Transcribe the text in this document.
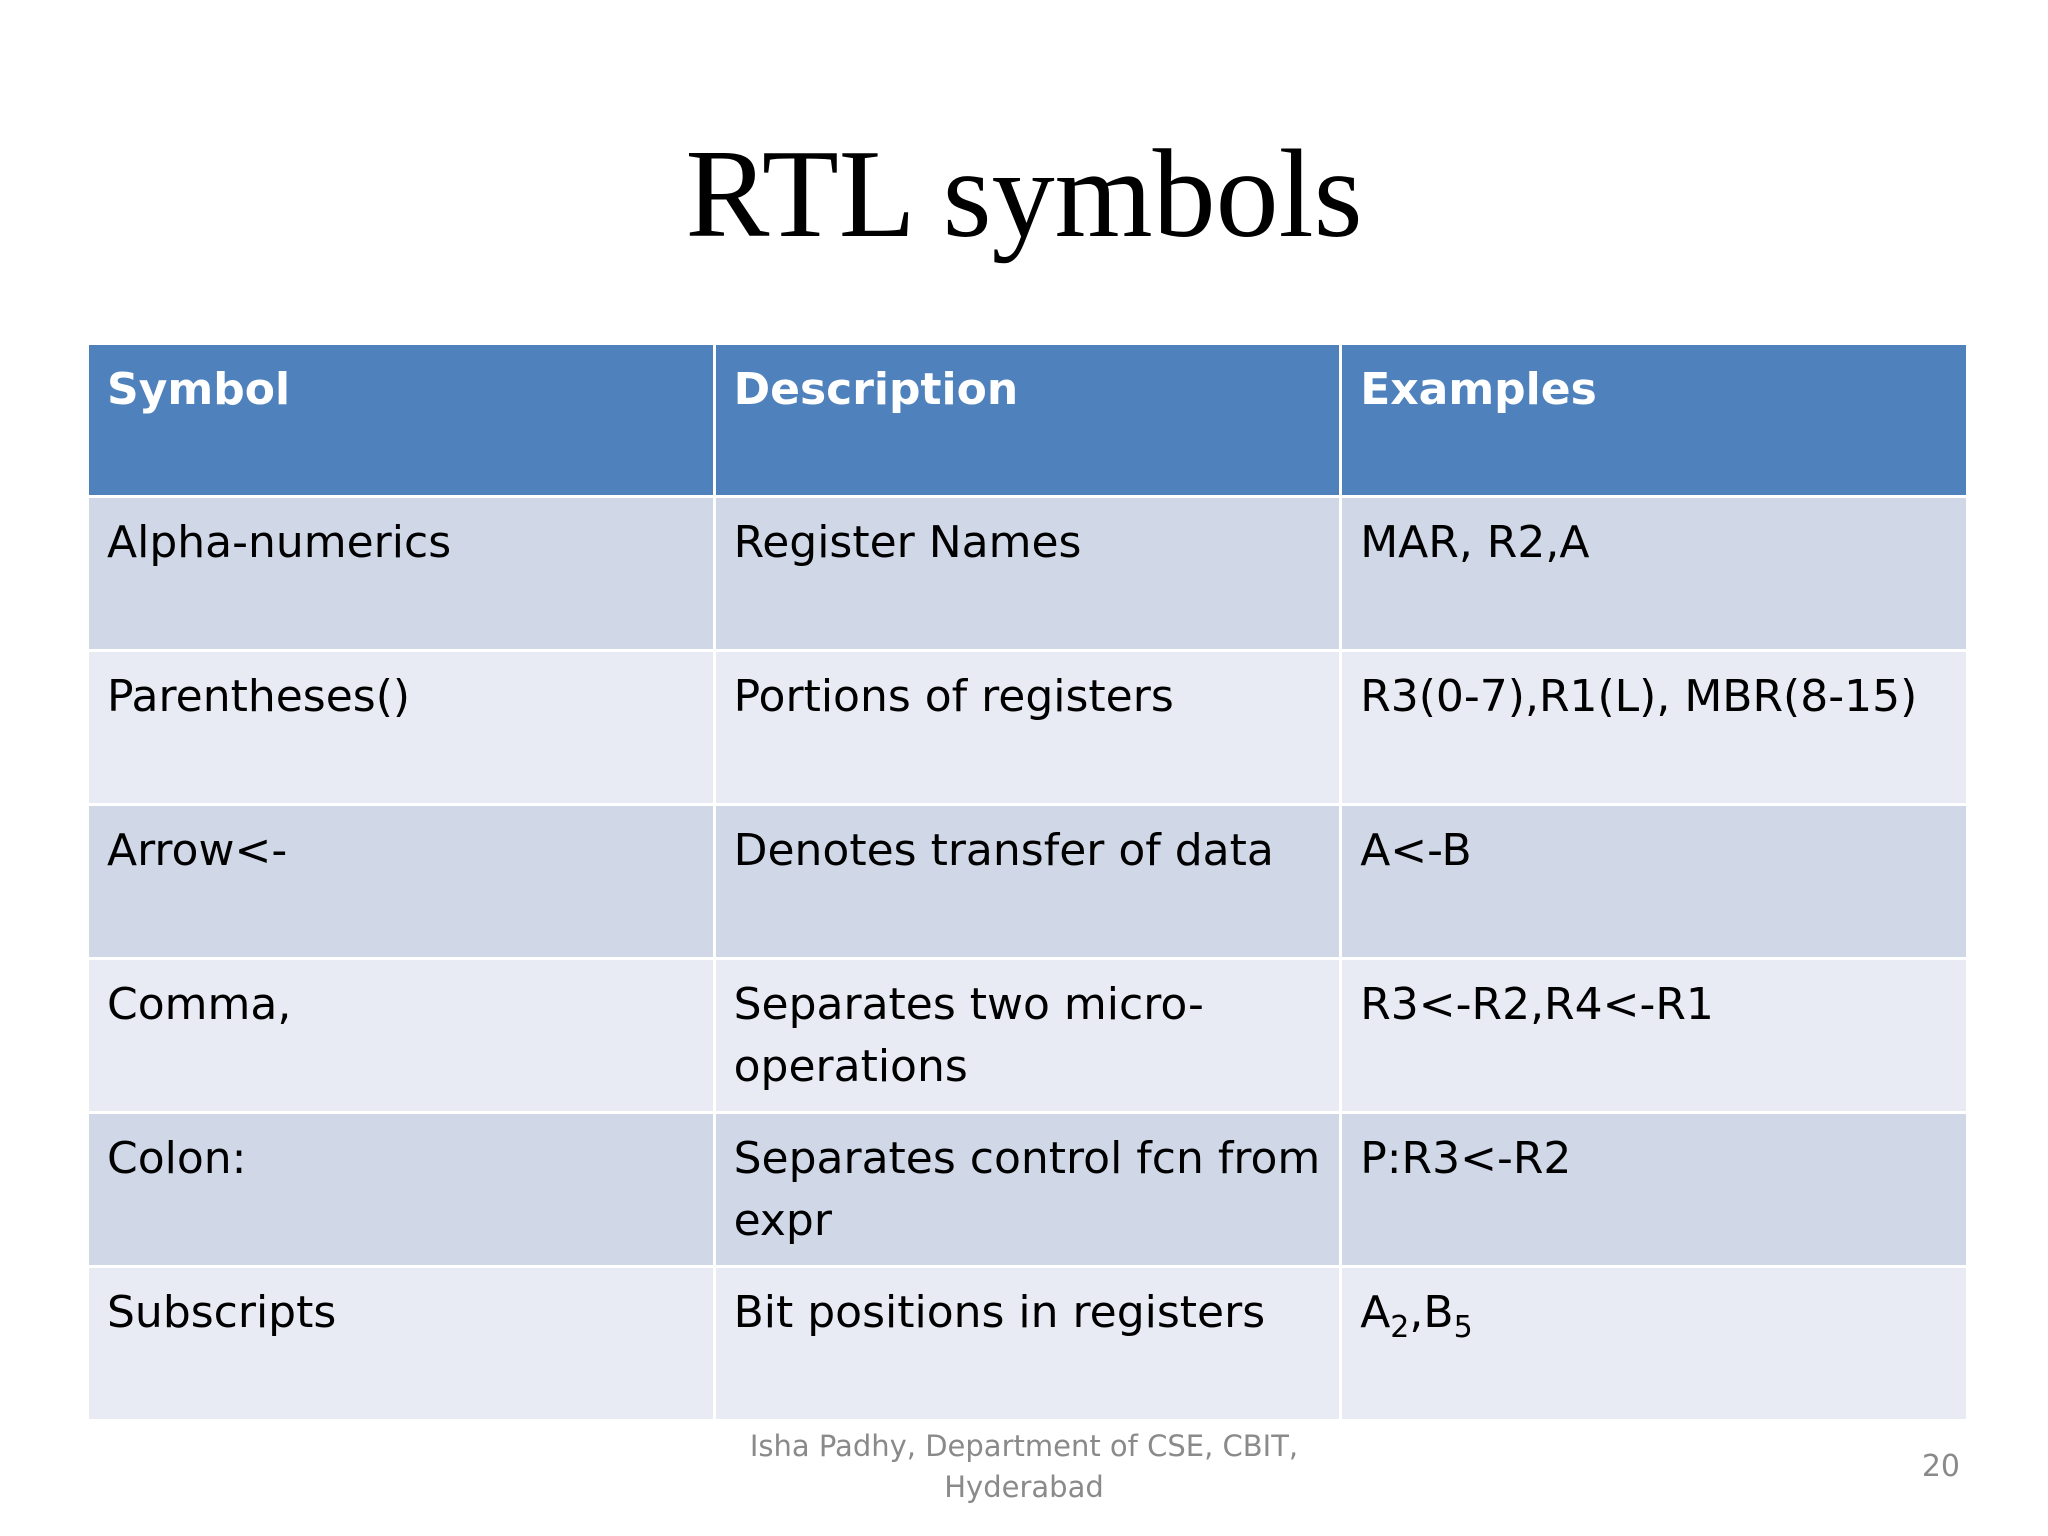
RTL symbols
Symbol	Description	Examples
Alpha-numerics	Register Names	MAR, R2,A
Parentheses()	Portions of registers	R3(0-7),R1(L), MBR(8-15)
Arrow<-	Denotes transfer of data	A<-B
Comma,	Separates two micro-operations	R3<-R2,R4<-R1
Colon:	Separates control fcn from expr	P:R3<-R2
Subscripts	Bit positions in registers	$A_2,B_5$
Isha Padhy, Department of CSE, CBIT,
Hyderabad
20
